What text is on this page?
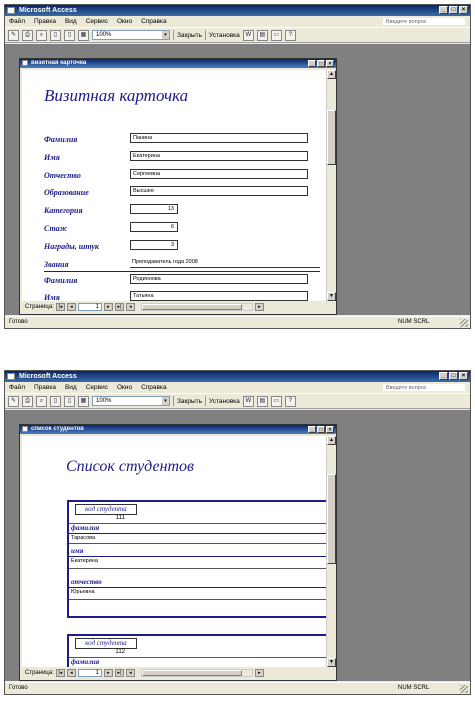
Microsoft Access	_	□	×
Файл Правка Вид Сервис Окно Справка	Введите вопрос
✎	⎙	⌕	▯	▯	▦	100%	▾	Закрыть Установка W	▤	▭	?
визитная карточка	_	□	×
Визитная карточка
Фамилия	Панина
Имя	Екатерина
Отчество	Сергеевна
Образование	Высшее
Категория	13
Стаж	6
Награды, штук	3
Звания	Преподаватель года 2008
Фамилия	Родионова
Имя	Татьяна
▲
▼
Страница: |◂	◂	1	▸	▸|	◂	▸
Готово	NUM SCRL
Microsoft Access	_	□	×
Файл Правка Вид Сервис Окно Справка	Введите вопрос
✎	⎙	⌕	▯	▯	▦	100%	▾	Закрыть Установка W	▤	▭	?
список студентов	_	□	×
Список студентов
код студента
111
фамилия
Тарасова
имя
Екатерина
отчество
Юрьевна
код студента
112
фамилия
▲
▼
Страница: |◂	◂	1	▸	▸|	◂	▸
Готово	NUM SCRL
